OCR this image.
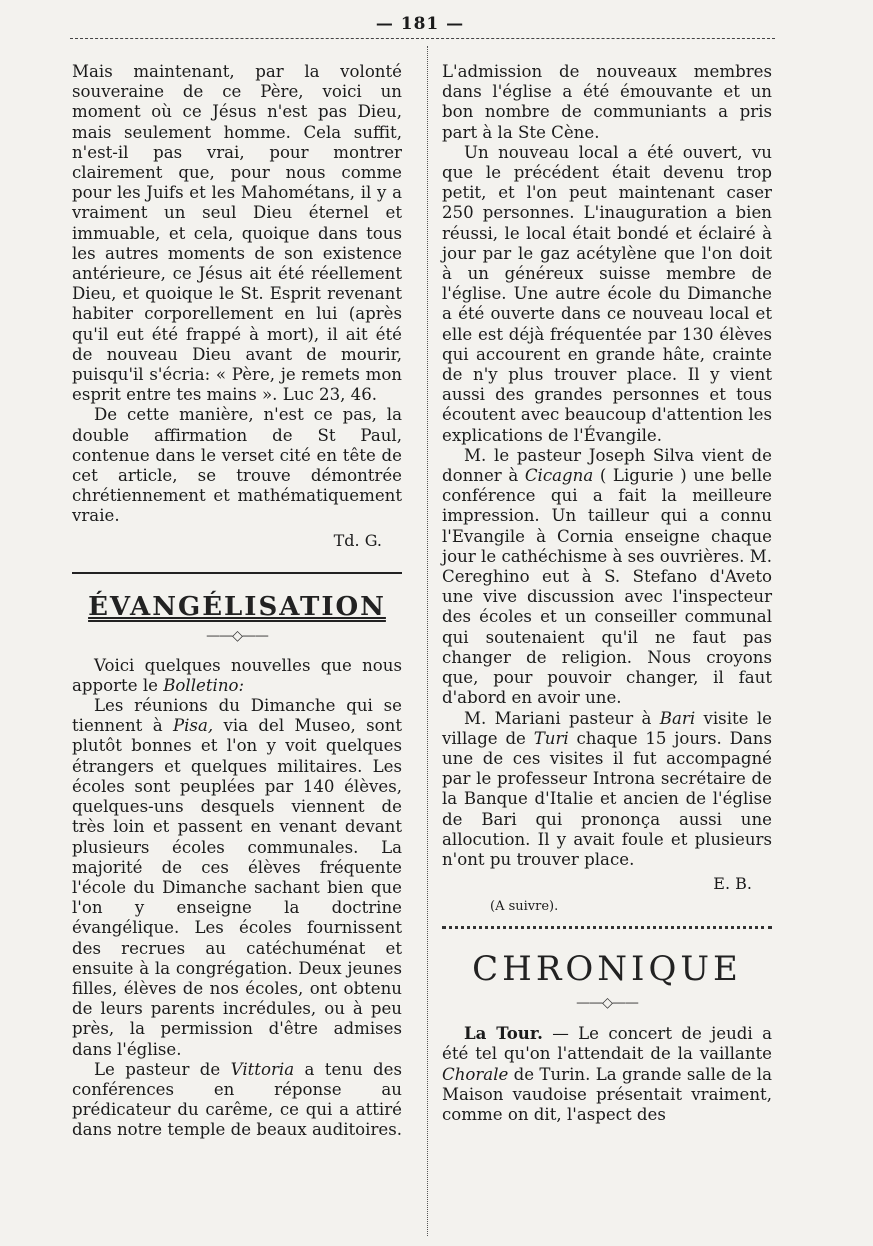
— 181 —

Mais maintenant, par la volonté souveraine de ce Père, voici un moment où ce Jésus n'est pas Dieu, mais seulement homme. Cela suffit, n'est-il pas vrai, pour montrer clairement que, pour nous comme pour les Juifs et les Mahométans, il y a vraiment un seul Dieu éternel et immuable, et cela, quoique dans tous les autres moments de son existence antérieure, ce Jésus ait été réellement Dieu, et quoique le St. Esprit revenant habiter corporellement en lui (après qu'il eut été frappé à mort), il ait été de nouveau Dieu avant de mourir, puisqu'il s'écria: « Père, je remets mon esprit entre tes mains ». Luc 23, 46.

De cette manière, n'est ce pas, la double affirmation de St Paul, contenue dans le verset cité en tête de cet article, se trouve démontrée chrétiennement et mathématiquement vraie.

Td. G.
ÉVANGÉLISATION
——◇——

Voici quelques nouvelles que nous apporte le Bolletino:

Les réunions du Dimanche qui se tiennent à Pisa, via del Museo, sont plutôt bonnes et l'on y voit quelques étrangers et quelques militaires. Les écoles sont peuplées par 140 élèves, quelques-uns desquels viennent de très loin et passent en venant devant plusieurs écoles communales. La majorité de ces élèves fréquente l'école du Dimanche sachant bien que l'on y enseigne la doctrine évangélique. Les écoles fournissent des recrues au catéchuménat et ensuite à la congrégation. Deux jeunes filles, élèves de nos écoles, ont obtenu de leurs parents incrédules, ou à peu près, la permission d'être admises dans l'église.

Le pasteur de Vittoria a tenu des conférences en réponse au prédicateur du carême, ce qui a attiré dans notre temple de beaux auditoires.

L'admission de nouveaux membres dans l'église a été émouvante et un bon nombre de communiants a pris part à la Ste Cène.

Un nouveau local a été ouvert, vu que le précédent était devenu trop petit, et l'on peut maintenant caser 250 personnes. L'inauguration a bien réussi, le local était bondé et éclairé à jour par le gaz acétylène que l'on doit à un généreux suisse membre de l'église. Une autre école du Dimanche a été ouverte dans ce nouveau local et elle est déjà fréquentée par 130 élèves qui accourent en grande hâte, crainte de n'y plus trouver place. Il y vient aussi des grandes personnes et tous écoutent avec beaucoup d'attention les explications de l'Évangile.

M. le pasteur Joseph Silva vient de donner à Cicagna ( Ligurie ) une belle conférence qui a fait la meilleure impression. Un tailleur qui a connu l'Evangile à Cornia enseigne chaque jour le cathéchisme à ses ouvrières. M. Cereghino eut à S. Stefano d'Aveto une vive discussion avec l'inspecteur des écoles et un conseiller communal qui soutenaient qu'il ne faut pas changer de religion. Nous croyons que, pour pouvoir changer, il faut d'abord en avoir une.

M. Mariani pasteur à Bari visite le village de Turi chaque 15 jours. Dans une de ces visites il fut accompagné par le professeur Introna secrétaire de la Banque d'Italie et ancien de l'église de Bari qui prononça aussi une allocution. Il y avait foule et plusieurs n'ont pu trouver place.

E. B.
(A suivre).
CHRONIQUE
——◇——

La Tour. — Le concert de jeudi a été tel qu'on l'attendait de la vaillante Chorale de Turin. La grande salle de la Maison vaudoise présentait vraiment, comme on dit, l'aspect des
